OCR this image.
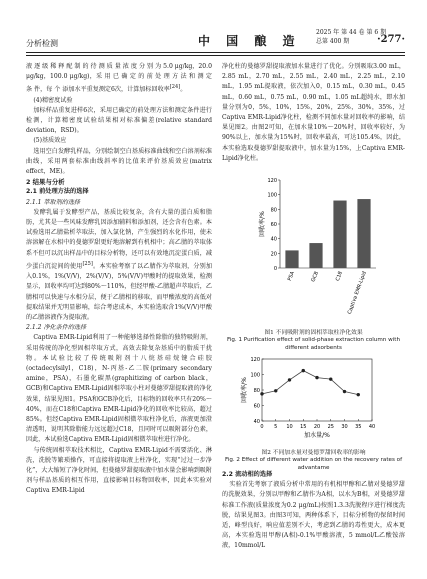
分析检测	中 国 酿 造
2025 年 第 44 卷 第 6 期
总第 400 期	·277·

液 逐 级 稀 释 配 制 的 待 测 质 量 浓 度 分 别 为 5.0 μg/kg，20.0 μg/kg，100.0 μg/kg)，采 用 已 确 定 的 前 处 理 方 法 和 测 定 条 件，每 个 添加水平重复测定6次，计算加标回收率[24]。

(4)精密度试验

加标样品重复进样6次，采用已确定的前处理方法和测定条件进行检测，计算精密度试验结果相对标准偏差(relative standard deviation，RSD)。

(5)基质效应

选用空白发酵乳样品，分别绘制空白基质标准曲线和空白溶剂标准曲线，采用两套标准曲线斜率的比值来评价基质效应(matrix effect，ME)。

2 结果与分析

2.1 前处理方法的选择

2.1.1 萃取剂的选择

发酵乳属于发酵型产品，基质比较复杂，含有大量的蛋白质和脂肪，尤其是一些风味发酵乳因添加辅料和添加剂，还会含有色素。本试验选用乙腈盐析萃取法，加入氯化钠，产生强烈的水化作用，使未溶溶解在水相中的曼德罗甜更好地溶解到有机相中；高乙腈的萃取体系不但可以沉出样品中的目标分析物，还可以有效地沉淀蛋白质，减少蛋白沉淀间的使用[25]。本实验考察了以乙腈作为萃取剂，分别加入0.1%，1%(V/V)，2%(V/V)，5%(V/V)甲酸时的提取效果，检测显示，回收率均可达到80%～110%，但经甲酸-乙腈超声萃取后，乙腈相可以快速与水相分层，便于乙腈相的移取，而甲酸浓度的高低对提取结果并无明显影响，综合考虑成本，本实验选取含1%(V/V)甲酸的乙腈溶液作为提取液。

2.1.2 净化条件的选择

Captiva EMR-Lipid利用了一种能够选择性除脂的独特吸附剂，采用传统的净化型固相萃取方式，高效去除复杂基质中的脂质干扰物。本试验比较了传统吸附剂十八烷基硅烷键合硅胶(octadecylsilyl，C18)，N-丙基-乙二胺(primary secondary amine，PSA)，石墨化碳黑(graphitizing of carbon black，GCB)和Captiva EMR-Lipid固相萃取小柱对曼德罗甜提取液的净化效果，结果见图1。PSA和GCB净化后，目标物的回收率只有20%～40%，而在C18和Captiva EMR-Lipid净化的回收率比较高，超过85%。但经Captiva EMR-Lipid固相微萃取柱净化后，溶液更加澄清透明，说明其除脂能力远远超过C18，且同时可以吸附部分色素，因此，本试验选Captiva EMR-Lipid固相微萃取柱进行净化。

与传统固相萃取技术相比，Captiva EMR-Lipid不需要活化、淋洗，洗脱等繁琐操作，可直接将提取液上柱净化，实现“过过一步净化”，大大缩短了净化时间，但曼德罗甜提取液中加水量会影响到吸附剂与样品基质的相互作用，直接影响目标物回收率，因此本实验对Captiva EMR-Lipid

净化柱的曼德罗甜提取液加水量进行了优化。分别吸取3.00 mL，2.85 mL，2.70 mL，2.55 mL，2.40 mL，2.25 mL，2.10 mL，1.95 mL提取液，依次加入0，0.15 mL，0.30 mL，0.45 mL，0.60 mL，0.75 mL，0.90 mL，1.05 mL超纯水，即水加量分别为0，5%，10%，15%，20%，25%，30%，35%，过Captiva EMR-Lipid净化柱，检测不同加水量对回收率的影响，结果见图2。由图2可知，在加水量10%～20%时，回收率较好，为90%以上，加水量为15%时，回收率最高，可达105.4%，因此，本实验选取曼德罗甜提取液中，加水量为15%，上Captiva EMR-Lipid净化柱。

0
20
40
60
80
100
120
回收率/%
PSA	GCB	C18 Captiva EMR-Lipid
图1 不同吸附剂的固相萃取柱净化效果
Fig. 1 Purification effect of solid-phase extraction column with
different adsorbents
40
60
80
100
120
0 5 10 15 20 25 30 35 40
回收率/%
加水量/%
图2 不同加水量对曼德罗甜回收率的影响
Fig. 2 Effect of different water addition on the recovery rates of
advantame

2.2 流动相的选择

实验首先考察了液质分析中常用的有机相甲醇和乙腈对曼德罗甜的洗脱效果，分别以甲醇和乙腈作为A相，以水为B相，对曼德罗甜标准工作液(质量浓度为0.2 μg/mL)按照1.3.3洗脱程序进行梯度洗脱，结果见图3。由图3可知，两种体系下，目标分析物的保留时间适，峰型良好，响应值差别不大，考虑到乙腈的毒性更大，成本更高，本实验选用甲醇(A相)-0.1%甲酸溶液，5 mmol/L乙酸铵溶液，10mmol/L
